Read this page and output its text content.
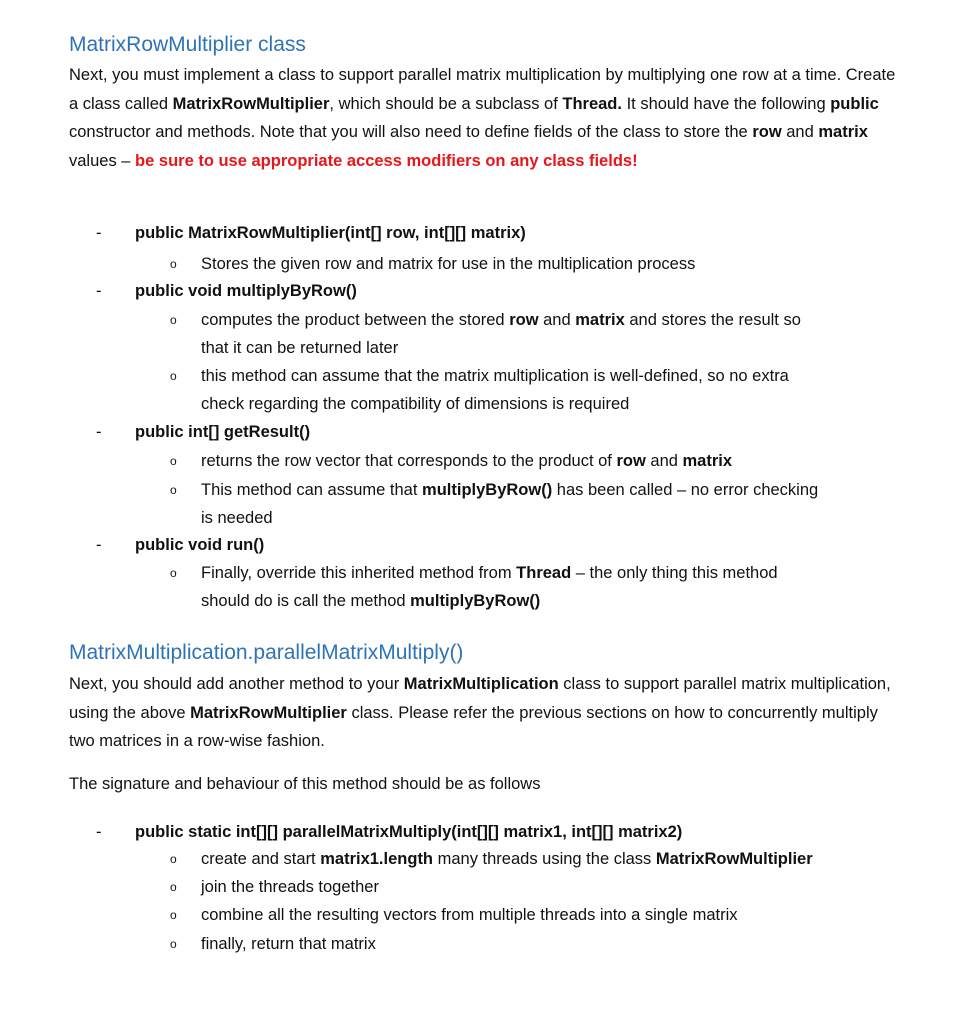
MatrixRowMultiplier class
Next, you must implement a class to support parallel matrix multiplication by multiplying one row at a time. Create a class called MatrixRowMultiplier, which should be a subclass of Thread. It should have the following public constructor and methods. Note that you will also need to define fields of the class to store the row and matrix values – be sure to use appropriate access modifiers on any class fields!
- public MatrixRowMultiplier(int[] row, int[][] matrix)
o Stores the given row and matrix for use in the multiplication process
- public void multiplyByRow()
o computes the product between the stored row and matrix and stores the result so
that it can be returned later
o this method can assume that the matrix multiplication is well-defined, so no extra
check regarding the compatibility of dimensions is required
- public int[] getResult()
o returns the row vector that corresponds to the product of row and matrix
o This method can assume that multiplyByRow() has been called – no error checking
is needed
- public void run()
o Finally, override this inherited method from Thread – the only thing this method
should do is call the method multiplyByRow()
MatrixMultiplication.parallelMatrixMultiply()
Next, you should add another method to your MatrixMultiplication class to support parallel matrix multiplication, using the above MatrixRowMultiplier class. Please refer the previous sections on how to concurrently multiply two matrices in a row-wise fashion.
The signature and behaviour of this method should be as follows
- public static int[][] parallelMatrixMultiply(int[][] matrix1, int[][] matrix2)
o create and start matrix1.length many threads using the class MatrixRowMultiplier
o join the threads together
o combine all the resulting vectors from multiple threads into a single matrix
o finally, return that matrix
